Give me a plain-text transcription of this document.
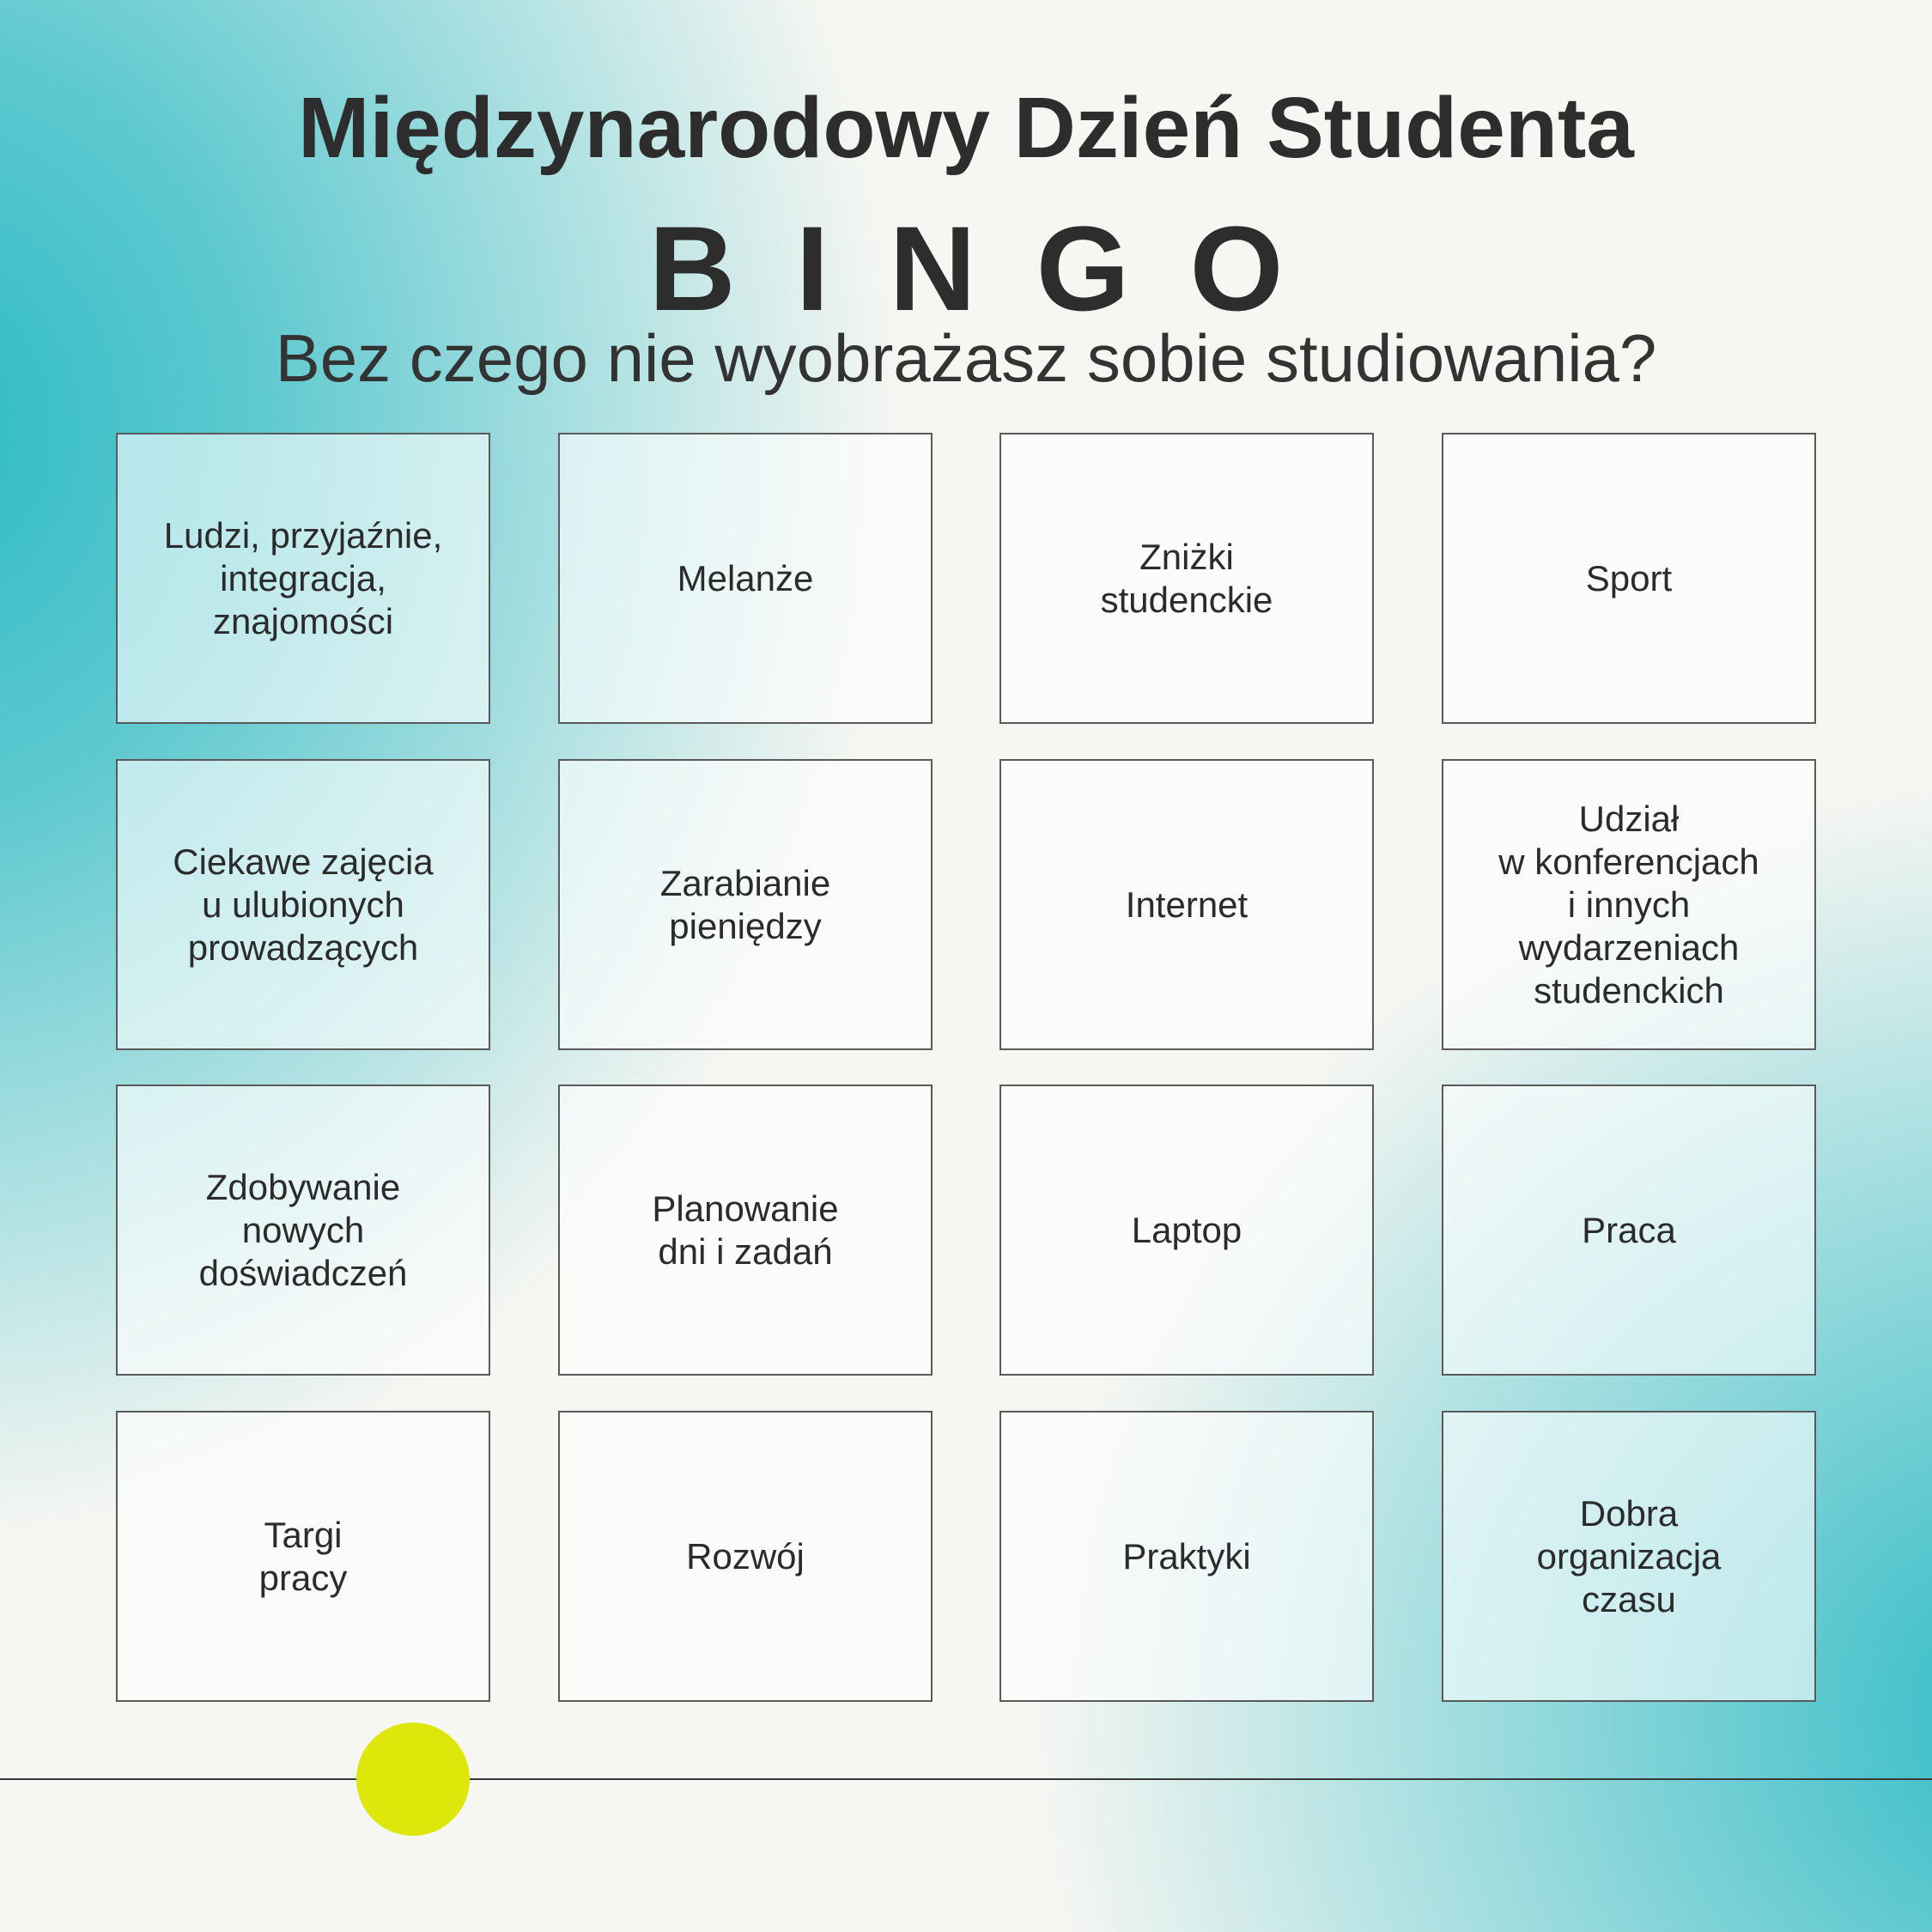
Międzynarodowy Dzień Studenta
BINGO
Bez czego nie wyobrażasz sobie studiowania?
Ludzi, przyjaźnie,
integracja,
znajomości
Melanże
Zniżki
studenckie
Sport
Ciekawe zajęcia
u ulubionych
prowadzących
Zarabianie
pieniędzy
Internet
Udział
w konferencjach
i innych
wydarzeniach
studenckich
Zdobywanie
nowych
doświadczeń
Planowanie
dni i zadań
Laptop	Praca
Targi
pracy
Rozwój	Praktyki
Dobra
organizacja
czasu
